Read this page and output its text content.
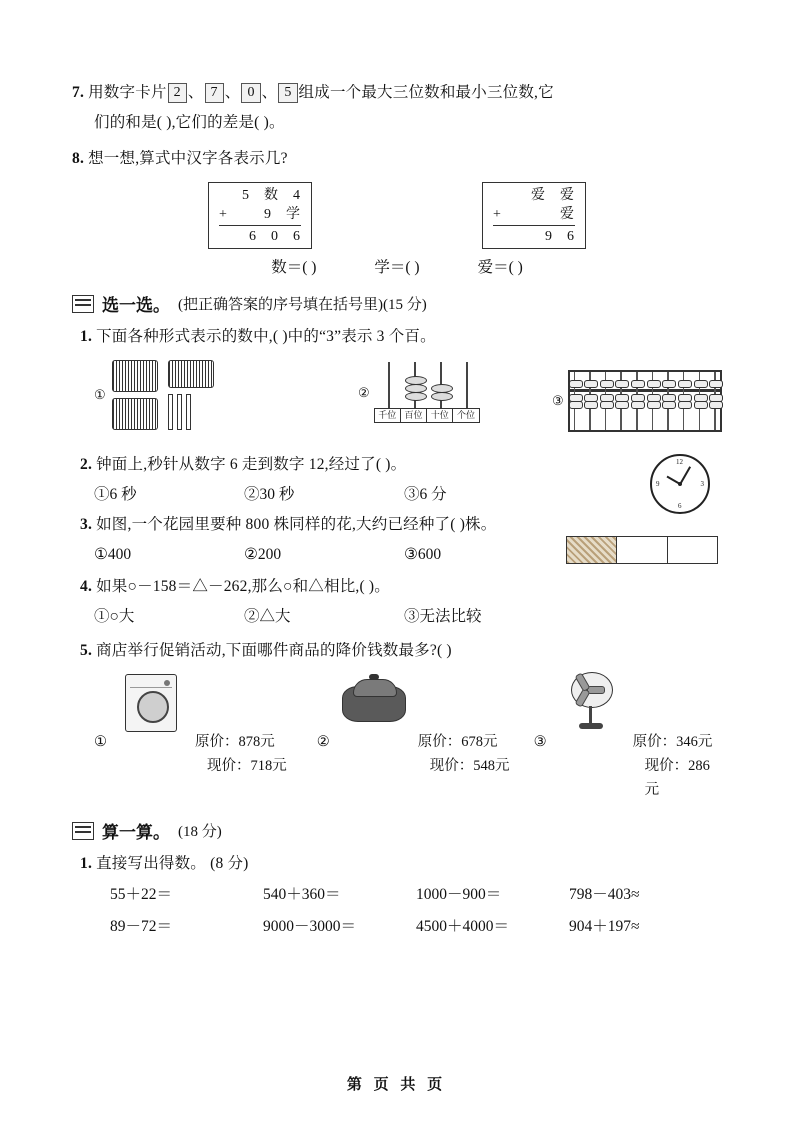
7. 用数字卡片 2 、 7 、 0 、 5 组成一个最大三位数和最小三位数,它
们的和是( ),它们的差是( )。
8. 想一想,算式中汉字各表示几?
5 数 4
+	9 学
6 0 6
爱 爱
+	爱
9 6
数＝( )	学＝( )	爱＝( )
选一选。 (把正确答案的序号填在括号里)(15 分)
1. 下面各种形式表示的数中,( )中的“3”表示 3 个百。
①	②
千位 百位 十位 个位
③
2. 钟面上,秒针从数字 6 走到数字 12,经过了( )。
①6 秒	②30 秒	③6 分
12
3
6
9
3. 如图,一个花园里要种 800 株同样的花,大约已经种了( )株。
①400	②200	③600
4. 如果○－158＝△－262,那么○和△相比,( )。
①○大	②△大	③无法比较
5. 商店举行促销活动,下面哪件商品的降价钱数最多?( )
①	原价：878元
现价：718元
②	原价：678元
现价：548元
③	原价：346元
现价：286元
算一算。 (18 分)
1. 直接写出得数。 (8 分)
55＋22＝	540＋360＝	1000－900＝	798－403≈
89－72＝	9000－3000＝	4500＋4000＝	904＋197≈
第 页 共 页
